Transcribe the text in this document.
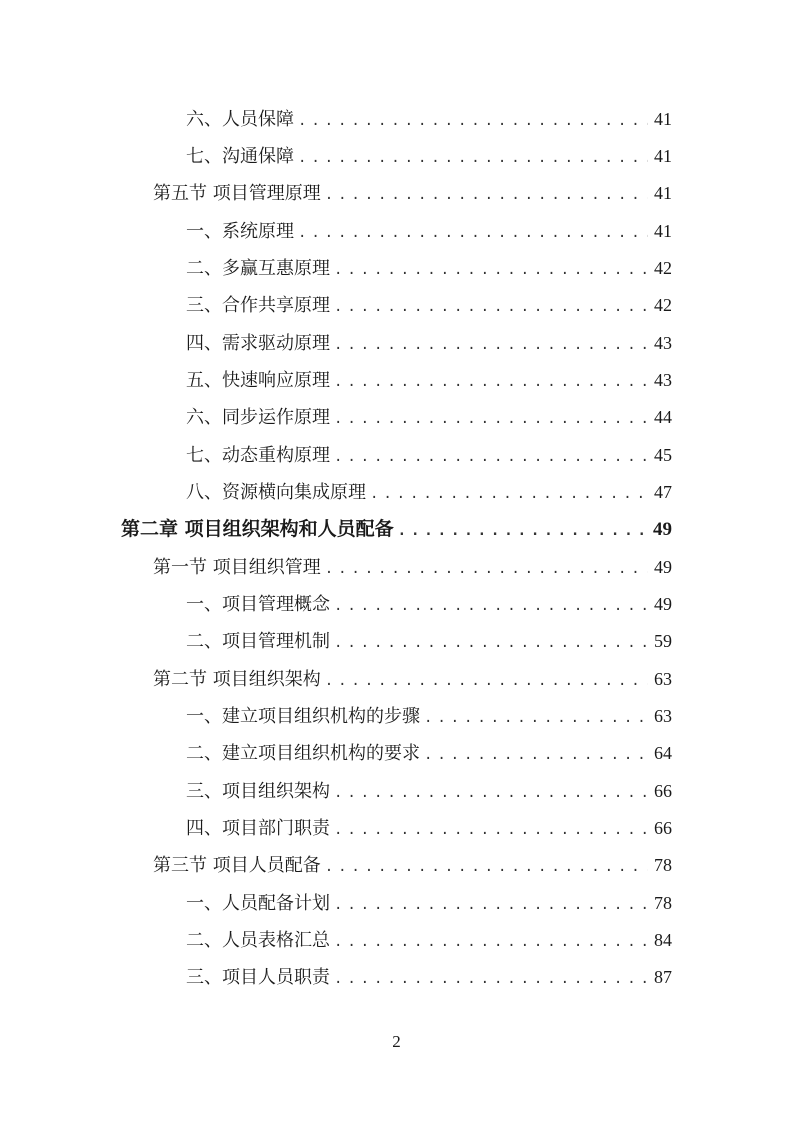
六、人员保障 .....	41
七、沟通保障 .....	41
第五节 项目管理原理 .....	41
一、系统原理 .....	41
二、多赢互惠原理 .....	42
三、合作共享原理 .....	42
四、需求驱动原理 .....	43
五、快速响应原理 .....	43
六、同步运作原理 .....	44
七、动态重构原理 .....	45
八、资源横向集成原理 .....	47
第二章 项目组织架构和人员配备 .....	49
第一节 项目组织管理 .....	49
一、项目管理概念 .....	49
二、项目管理机制 .....	59
第二节 项目组织架构 .....	63
一、建立项目组织机构的步骤 .....	63
二、建立项目组织机构的要求 .....	64
三、项目组织架构 .....	66
四、项目部门职责 .....	66
第三节 项目人员配备 .....	78
一、人员配备计划 .....	78
二、人员表格汇总 .....	84
三、项目人员职责 .....	87
2
